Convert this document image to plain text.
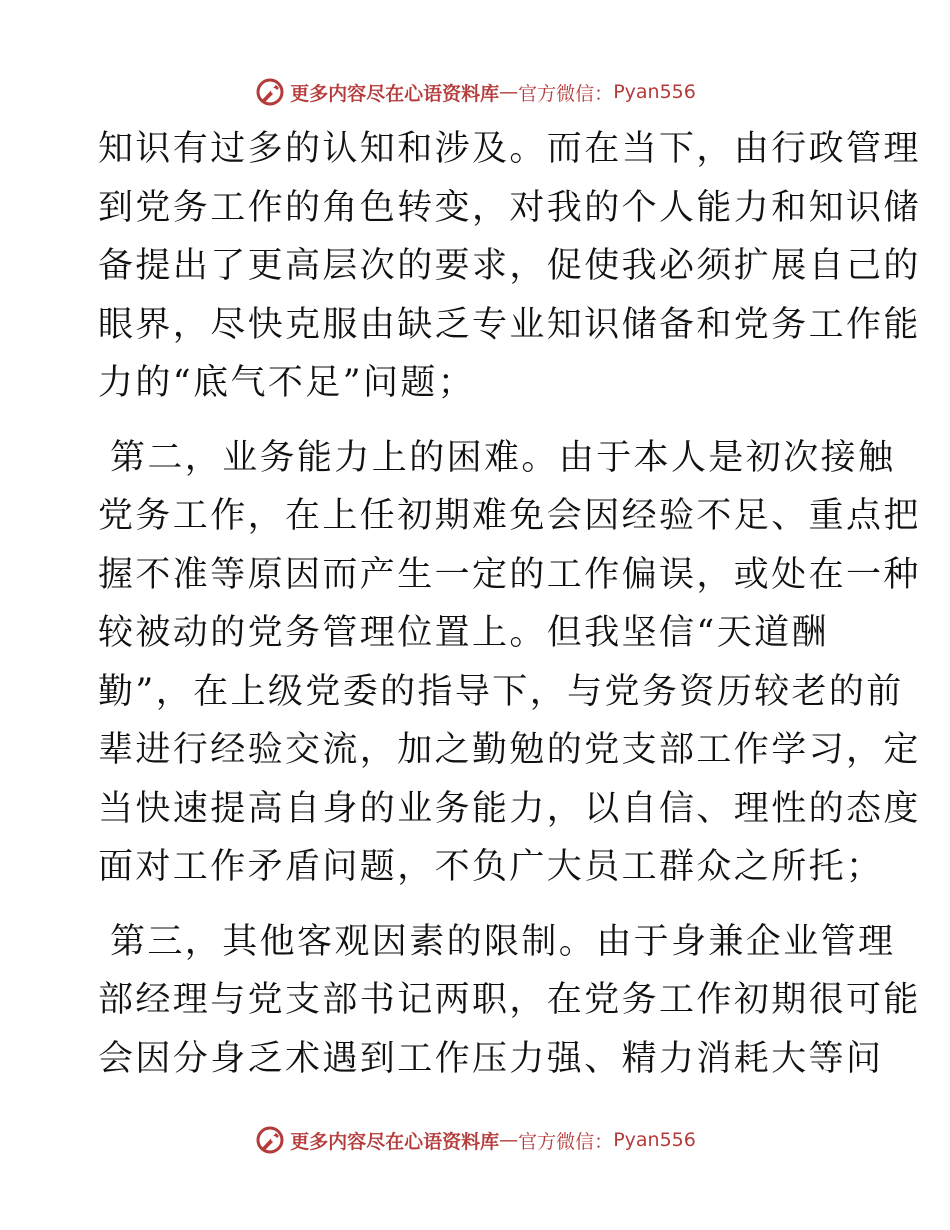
更多内容尽在心语资料库 — 官方微信： Pyan556
知识有过多的认知和涉及。而在当下，由行政管理
到党务工作的角色转变，对我的个人能力和知识储
备提出了更高层次的要求，促使我必须扩展自己的
眼界，尽快克服由缺乏专业知识储备和党务工作能
力的“底气不足”问题；
第二，业务能力上的困难。由于本人是初次接触
党务工作，在上任初期难免会因经验不足、重点把
握不准等原因而产生一定的工作偏误，或处在一种
较被动的党务管理位置上。但我坚信“天道酬
勤”，在上级党委的指导下，与党务资历较老的前
辈进行经验交流，加之勤勉的党支部工作学习，定
当快速提高自身的业务能力，以自信、理性的态度
面对工作矛盾问题，不负广大员工群众之所托；
第三，其他客观因素的限制。由于身兼企业管理
部经理与党支部书记两职，在党务工作初期很可能
会因分身乏术遇到工作压力强、精力消耗大等问
更多内容尽在心语资料库 — 官方微信： Pyan556
